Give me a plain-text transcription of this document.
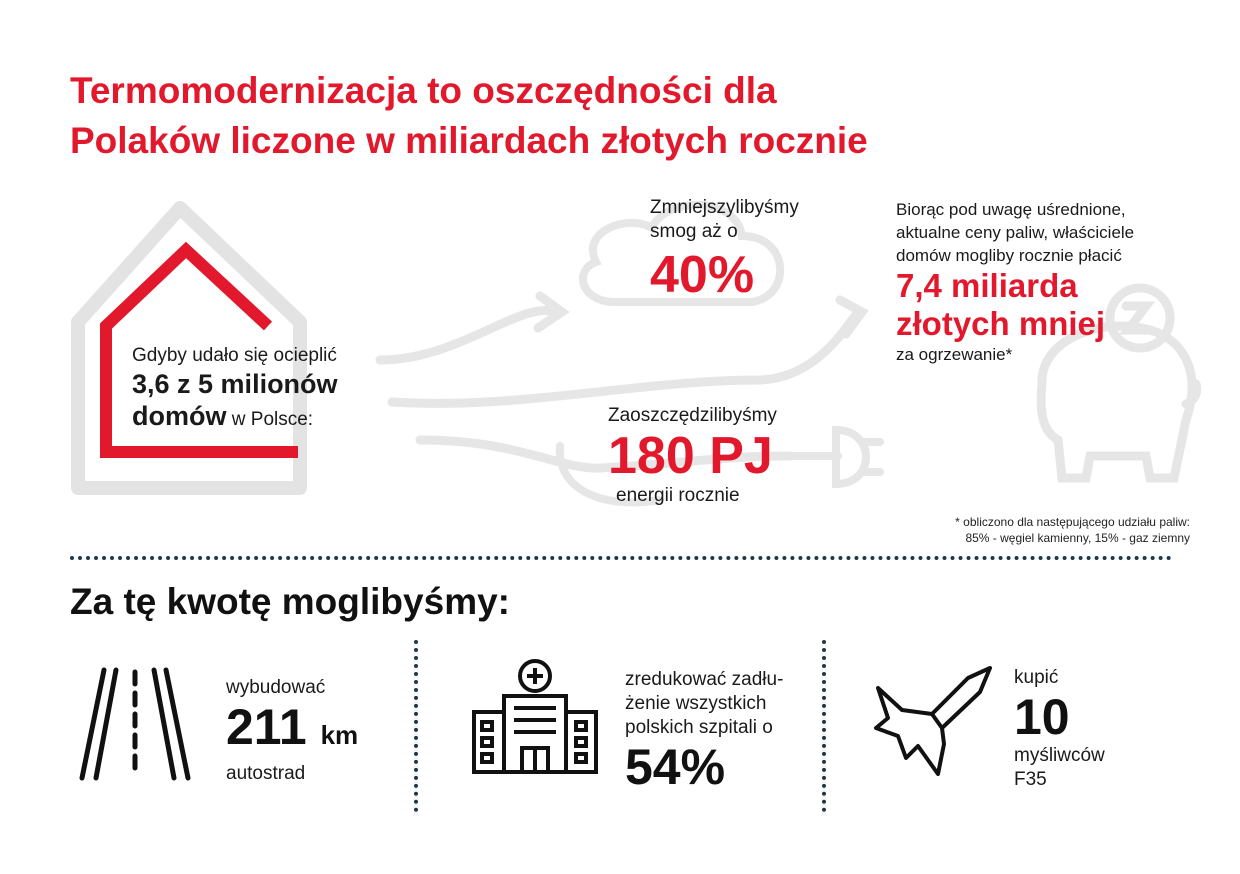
Termomodernizacja to oszczędności dla
Polaków liczone w miliardach złotych rocznie
Gdyby udało się ocieplić
3,6 z 5 milionów
domów w Polsce:
Zmniejszylibyśmy
smog aż o
40%
Zaoszczędzilibyśmy
180 PJ
energii rocznie
Biorąc pod uwagę uśrednione,
aktualne ceny paliw, właściciele
domów mogliby rocznie płacić
7,4 miliarda
złotych mniej
za ogrzewanie*
* obliczono dla następującego udziału paliw:
85% - węgiel kamienny, 15% - gaz ziemny
Za tę kwotę moglibyśmy:
wybudować
211 km
autostrad
zredukować zadłu-
żenie wszystkich
polskich szpitali o
54%
kupić
10
myśliwców
F35
